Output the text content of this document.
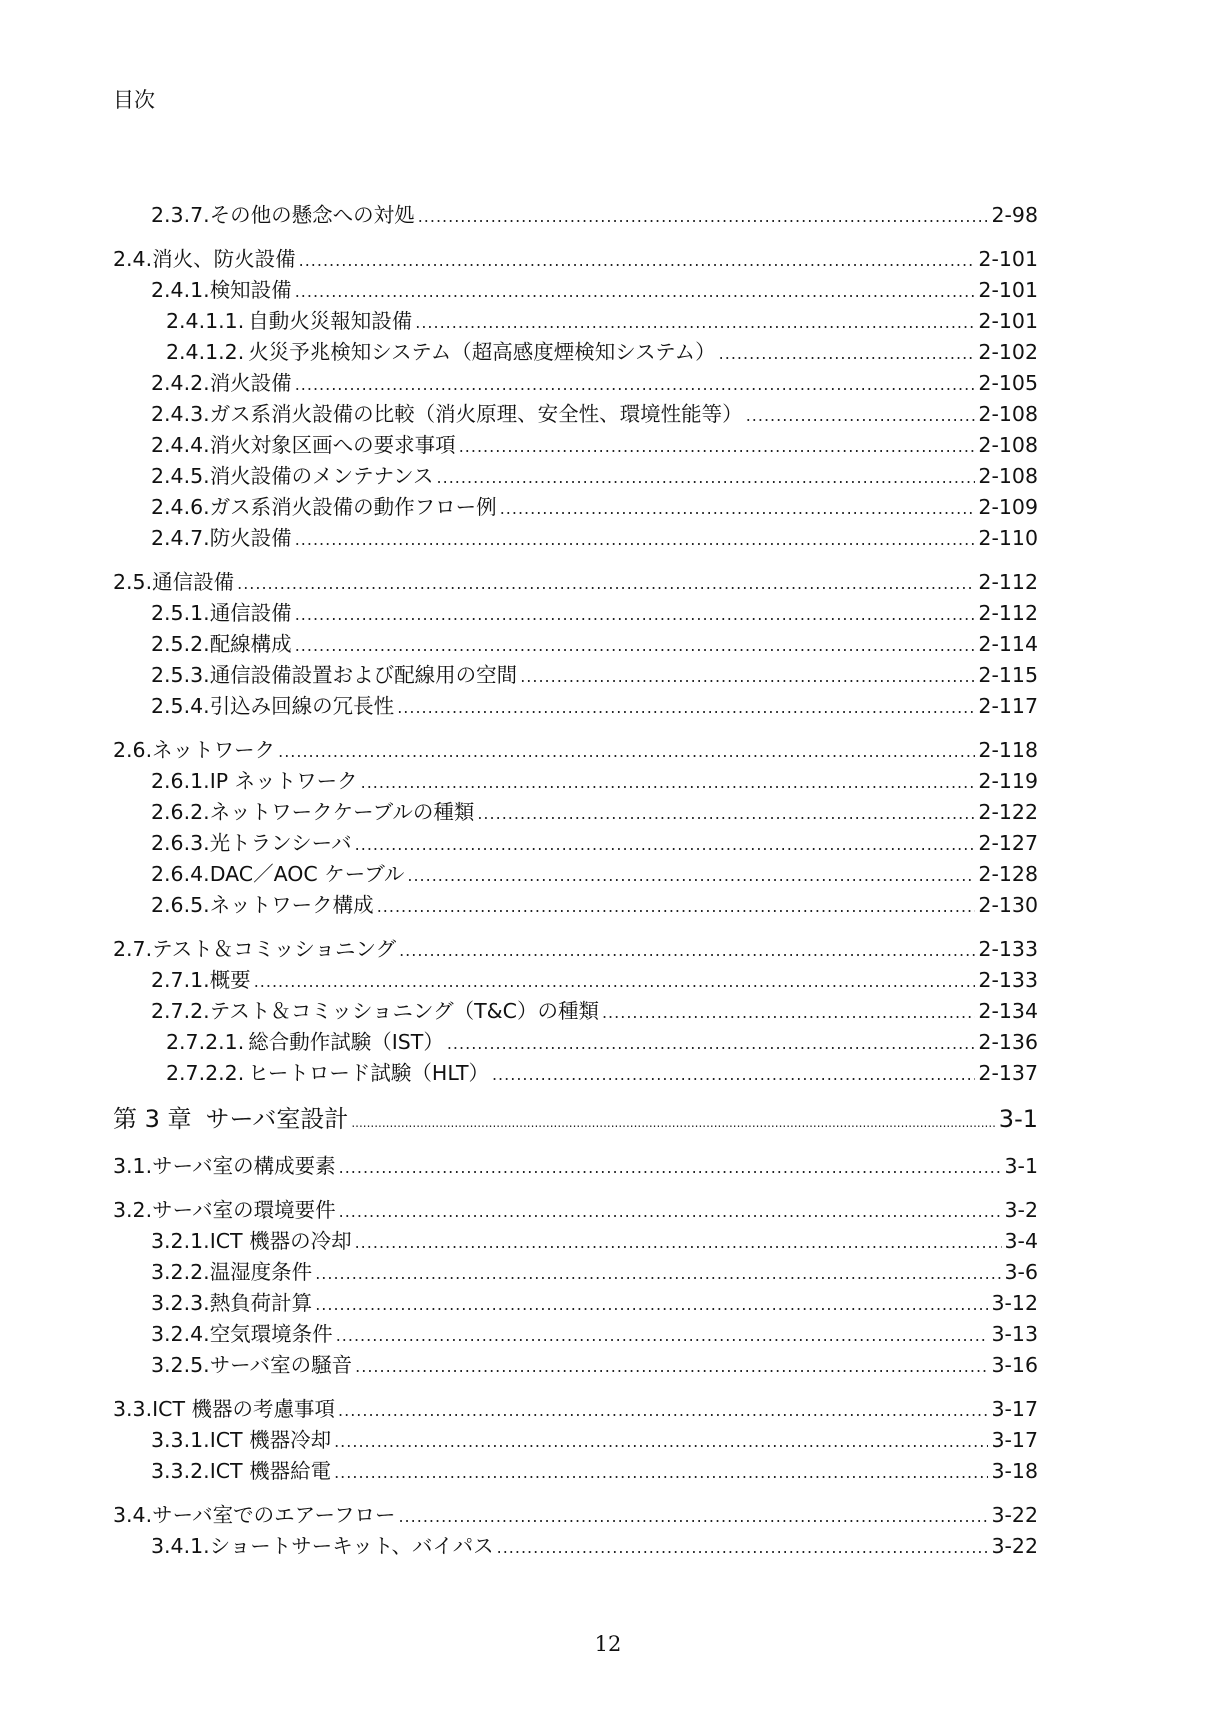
目次
2.3.7. その他の懸念への対処 .....	2-98
2.4. 消火、防火設備 .....	2-101
2.4.1. 検知設備 .....	2-101
2.4.1.1. 自動火災報知設備 .....	2-101
2.4.1.2. 火災予兆検知システム（超高感度煙検知システム） .....	2-102
2.4.2. 消火設備 .....	2-105
2.4.3. ガス系消火設備の比較（消火原理、安全性、環境性能等） .....	2-108
2.4.4. 消火対象区画への要求事項 .....	2-108
2.4.5. 消火設備のメンテナンス .....	2-108
2.4.6. ガス系消火設備の動作フロー例 .....	2-109
2.4.7. 防火設備 .....	2-110
2.5. 通信設備 .....	2-112
2.5.1. 通信設備 .....	2-112
2.5.2. 配線構成 .....	2-114
2.5.3. 通信設備設置および配線用の空間 .....	2-115
2.5.4. 引込み回線の冗長性 .....	2-117
2.6. ネットワーク .....	2-118
2.6.1. IP ネットワーク .....	2-119
2.6.2. ネットワークケーブルの種類 .....	2-122
2.6.3. 光トランシーバ .....	2-127
2.6.4. DAC／AOC ケーブル .....	2-128
2.6.5. ネットワーク構成 .....	2-130
2.7. テスト＆コミッショニング .....	2-133
2.7.1. 概要 .....	2-133
2.7.2. テスト＆コミッショニング（T&C）の種類 .....	2-134
2.7.2.1. 総合動作試験（IST） .....	2-136
2.7.2.2. ヒートロード試験（HLT） .....	2-137
第 3 章 サーバ室設計 .....	3-1
3.1. サーバ室の構成要素 .....	3-1
3.2. サーバ室の環境要件 .....	3-2
3.2.1. ICT 機器の冷却 .....	3-4
3.2.2. 温湿度条件 .....	3-6
3.2.3. 熱負荷計算 .....	3-12
3.2.4. 空気環境条件 .....	3-13
3.2.5. サーバ室の騒音 .....	3-16
3.3. ICT 機器の考慮事項 .....	3-17
3.3.1. ICT 機器冷却 .....	3-17
3.3.2. ICT 機器給電 .....	3-18
3.4. サーバ室でのエアーフロー .....	3-22
3.4.1. ショートサーキット、バイパス .....	3-22
12
